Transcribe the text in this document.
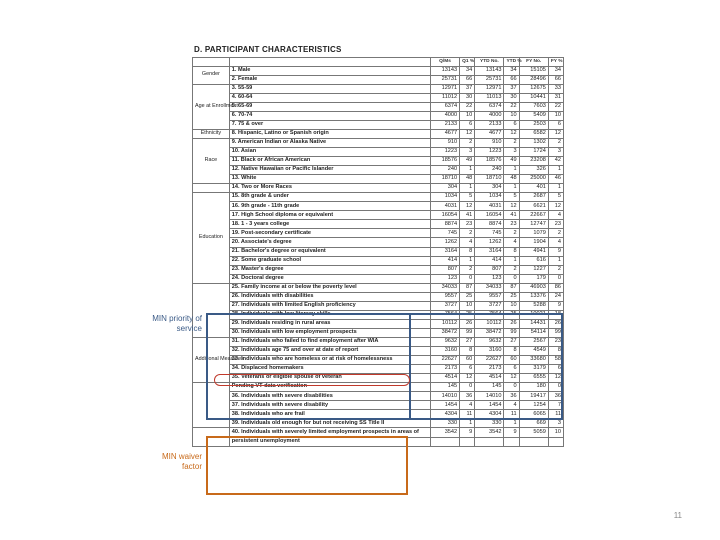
D. PARTICIPANT CHARACTERISTICS
		Q/Ms	Q1 %	YTD No.	YTD %	FY No.	FY %
Gender	1. Male	13143	34	13143	34	15105	34
	2. Female	25731	66	25731	66	28496	66
Age at Enrollment	3. 55-59	12971	37	12971	37	12675	33
	4. 60-64	11012	30	11013	30	10441	31
	5. 65-69	6374	22	6374	22	7603	22
	6. 70-74	4000	10	4000	10	5409	10
	7. 75 & over	2133	6	2133	6	2503	6
Ethnicity	8. Hispanic, Latino or Spanish origin	4677	12	4677	12	6582	12
Race	9. American Indian or Alaska Native	910	2	910	2	1302	2
	10. Asian	1223	3	1223	3	1724	3
	11. Black or African American	18576	49	18576	49	23208	42
	12. Native Hawaiian or Pacific Islander	240	1	240	1	326	1
	13. White	18710	48	18710	48	25000	46
	14. Two or More Races	304	1	304	1	401	1
Education	15. 8th grade & under	1034	5	1034	5	2687	5
	16. 9th grade - 11th grade	4031	12	4031	12	6621	12
	17. High School diploma or equivalent	16054	41	16054	41	22667	4
	18. 1 - 3 years college	8874	23	8874	23	12747	23
	19. Post-secondary certificate	745	2	745	2	1079	2
	20. Associate's degree	1262	4	1262	4	1904	4
	21. Bachelor's degree or equivalent	3164	8	3164	8	4941	9
	22. Some graduate school	414	1	414	1	616	1
	23. Master's degree	807	2	807	2	1227	2
	24. Doctoral degree	123	0	123	0	179	0
	25. Family income at or below the poverty level	34033	87	34033	87	46903	86
	26. Individuals with disabilities	9557	25	9557	25	13376	24
	27. Individuals with limited English proficiency	3727	10	3727	10	5288	9
	28. Individuals with low literacy skills	7564	25	7564	25	10021	18
	29. Individuals residing in rural areas	10112	26	10112	26	14431	26
	30. Individuals with low employment prospects	38472	99	38472	99	54114	99
Additional Measures	31. Individuals who failed to find employment after WIA	9632	27	9632	27	2567	23
	32. Individuals age 75 and over at date of report	3160	8	3160	8	4549	8
	33. Individuals who are homeless or at risk of homelessness	22627	60	22627	60	33680	58
	34. Displaced homemakers	2173	6	2173	6	3179	6
	35. Veterans or eligible spouse of veteran	4514	12	4514	12	6555	12
	Pending VT data verification	145	0	145	0	180	0
	36. Individuals with severe disabilities	14010	36	14010	36	19417	36
	37. Individuals with severe disability	1454	4	1454	4	1254	7
	38. Individuals who are frail	4304	11	4304	11	6065	11
	39. Individuals old enough for but not receiving SS Title II	330	1	330	1	669	3
	40. Individuals with severely limited employment prospects in areas of	3542	9	3542	9	5059	10
	persistent unemployment						
MIN priority of service
MIN waiver factor
11
